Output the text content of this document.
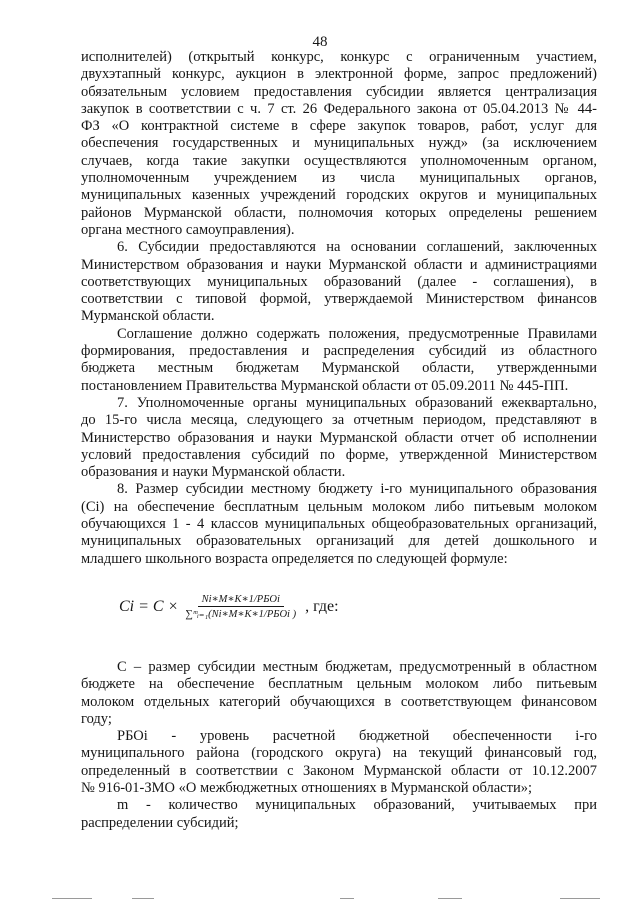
48
исполнителей) (открытый конкурс, конкурс с ограниченным участием,
двухэтапный конкурс, аукцион в электронной форме, запрос предложений)
обязательным условием предоставления субсидии является централизация
закупок в соответствии с ч. 7 ст. 26 Федерального закона от 05.04.2013 № 44-
ФЗ «О контрактной системе в сфере закупок товаров, работ, услуг для
обеспечения государственных и муниципальных нужд» (за исключением
случаев, когда такие закупки осуществляются уполномоченным органом,
уполномоченным учреждением из числа муниципальных органов,
муниципальных казенных учреждений городских округов и муниципальных
районов Мурманской области, полномочия которых определены решением
органа местного самоуправления).
6. Субсидии предоставляются на основании соглашений, заключенных
Министерством образования и науки Мурманской области и администрациями
соответствующих муниципальных образований (далее - соглашения), в
соответствии с типовой формой, утверждаемой Министерством финансов
Мурманской области.
Соглашение должно содержать положения, предусмотренные Правилами
формирования, предоставления и распределения субсидий из областного
бюджета местным бюджетам Мурманской области, утвержденными
постановлением Правительства Мурманской области от 05.09.2011 № 445-ПП.
7. Уполномоченные органы муниципальных образований ежеквартально,
до 15-го числа месяца, следующего за отчетным периодом, представляют в
Министерство образования и науки Мурманской области отчет об исполнении
условий предоставления субсидий по форме, утвержденной Министерством
образования и науки Мурманской области.
8. Размер субсидии местному бюджету i-го муниципального образования
(Ci) на обеспечение бесплатным цельным молоком либо питьевым молоком
обучающихся 1 - 4 классов муниципальных общеобразовательных организаций,
муниципальных образовательных организаций для детей дошкольного и
младшего школьного возраста определяется по следующей формуле:
$Ci = C \times \frac{\text{Ni∗M∗K∗1/РБОi}}{\text{∑ᵐᵢ₌₁(Ni∗M∗K∗1/РБОi )}}$ , где:
C – размер субсидии местным бюджетам, предусмотренный в областном
бюджете на обеспечение бесплатным цельным молоком либо питьевым
молоком отдельных категорий обучающихся в соответствующем финансовом
году;
РБОi - уровень расчетной бюджетной обеспеченности i-го
муниципального района (городского округа) на текущий финансовый год,
определенный в соответствии с Законом Мурманской области от 10.12.2007
№ 916-01-ЗМО «О межбюджетных отношениях в Мурманской области»;
m - количество муниципальных образований, учитываемых при
распределении субсидий;
